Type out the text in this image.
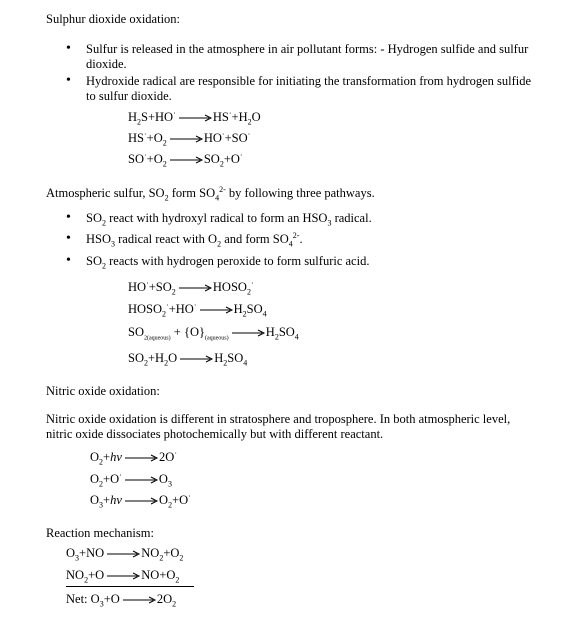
Sulphur dioxide oxidation:
• Sulfur is released in the atmosphere in air pollutant forms: - Hydrogen sulfide and sulfur dioxide.
• Hydroxide radical are responsible for initiating the transformation from hydrogen sulfide to sulfur dioxide.
$H_2S+HO^\cdot \to HS^\cdot+H_2O$
$HS^\cdot+O_2 \to HO^\cdot+SO^\cdot$
$SO^\cdot+O_2 \to SO_2+O^\cdot$
Atmospheric sulfur, $SO_2$ form $SO_4^{2-}$ by following three pathways.
• $SO_2$ react with hydroxyl radical to form an $HSO_3$ radical.
• $HSO_3$ radical react with $O_2$ and form $SO_4^{2-}$.
• $SO_2$ reacts with hydrogen peroxide to form sulfuric acid.
$HO^\cdot+SO_2$ $\to HOSO_2^\cdot$
$HOSO_2^\cdot+HO^\cdot \to H_2SO_4$
$SO_{2(aqueous)} + \{O\}_{(aqueous)} \to H_2SO_4$
$SO_2+H_2O \to H_2SO_4$
Nitric oxide oxidation:
Nitric oxide oxidation is different in stratosphere and troposphere. In both atmospheric level, nitric oxide dissociates photochemically but with different reactant.
$O_2+hv \to 2O^\cdot$
$O_2+O^\cdot \to O_3$
$O_3+hv \to O_2+O^\cdot$
Reaction mechanism:
$O_3+NO \to NO_2+O_2$
$NO_2+O \to NO+O_2$
Net: $O_3+O \to 2O_2$
